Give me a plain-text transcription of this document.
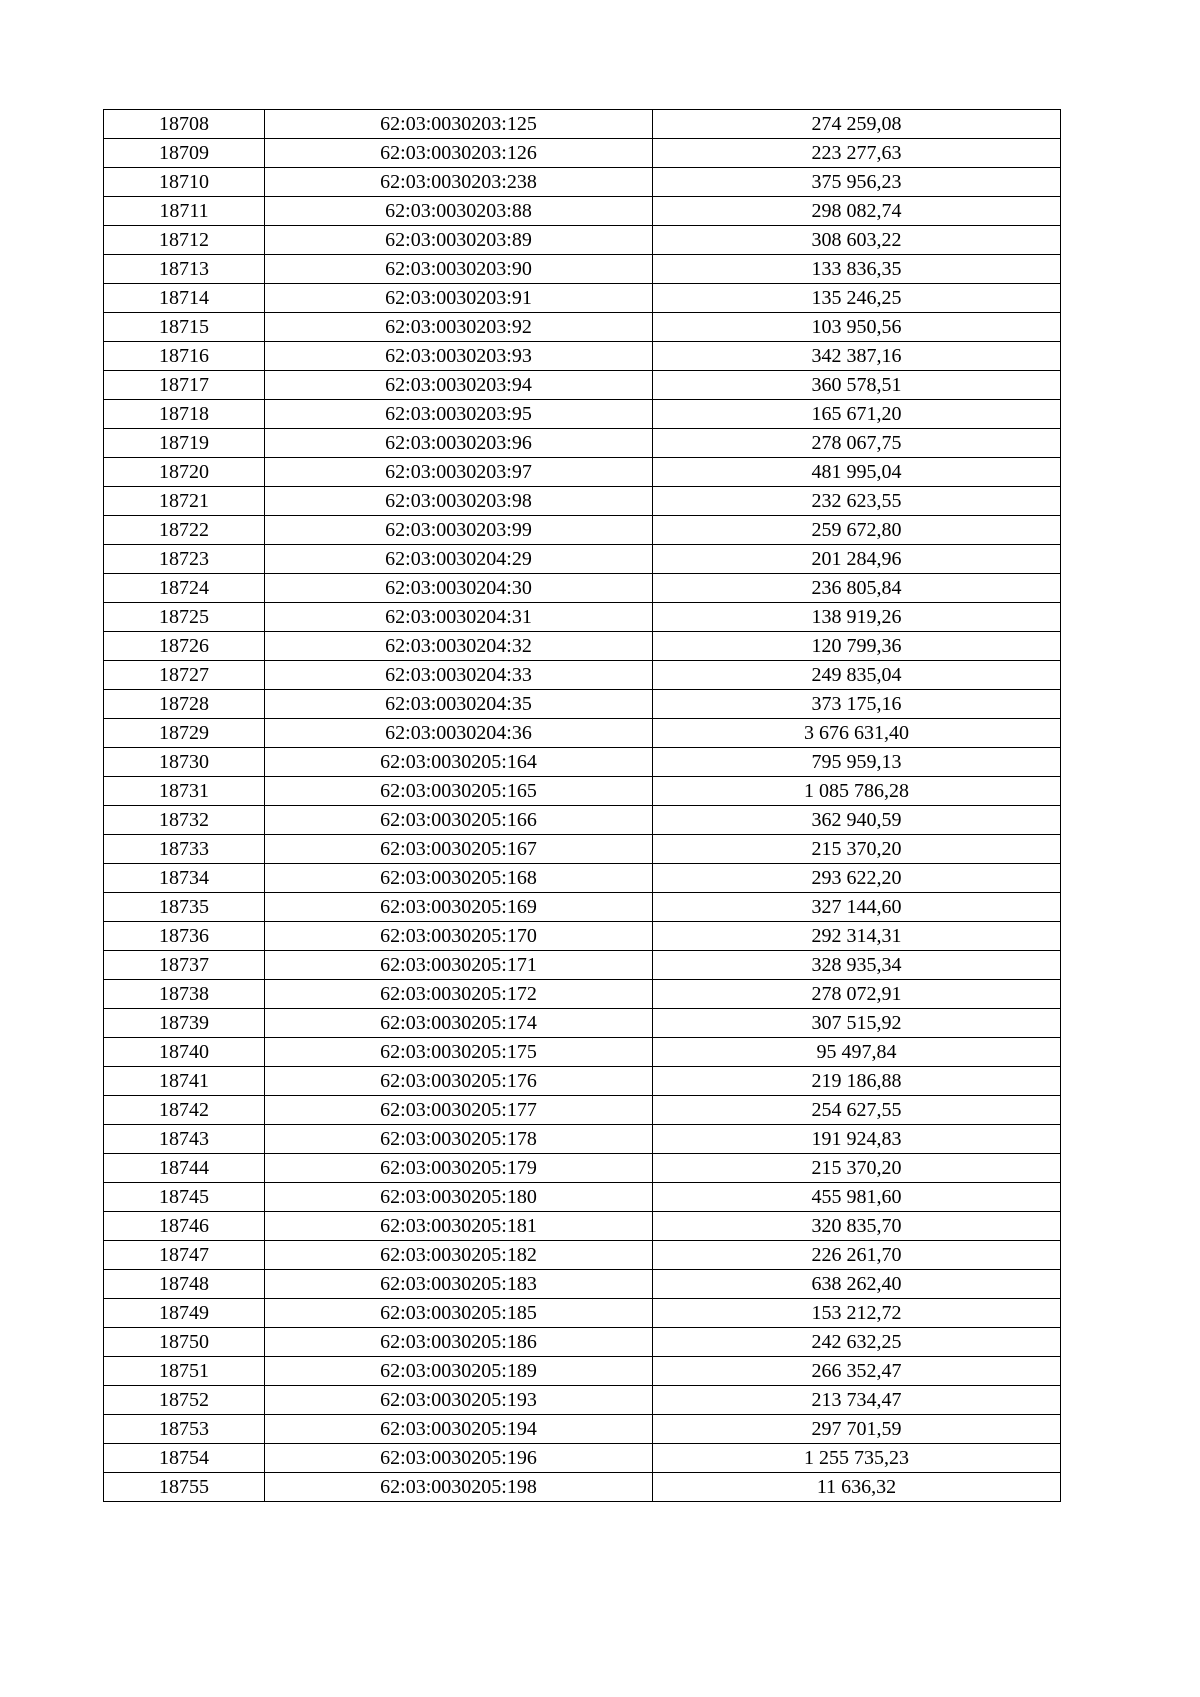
18708	62:03:0030203:125	274 259,08
18709	62:03:0030203:126	223 277,63
18710	62:03:0030203:238	375 956,23
18711	62:03:0030203:88	298 082,74
18712	62:03:0030203:89	308 603,22
18713	62:03:0030203:90	133 836,35
18714	62:03:0030203:91	135 246,25
18715	62:03:0030203:92	103 950,56
18716	62:03:0030203:93	342 387,16
18717	62:03:0030203:94	360 578,51
18718	62:03:0030203:95	165 671,20
18719	62:03:0030203:96	278 067,75
18720	62:03:0030203:97	481 995,04
18721	62:03:0030203:98	232 623,55
18722	62:03:0030203:99	259 672,80
18723	62:03:0030204:29	201 284,96
18724	62:03:0030204:30	236 805,84
18725	62:03:0030204:31	138 919,26
18726	62:03:0030204:32	120 799,36
18727	62:03:0030204:33	249 835,04
18728	62:03:0030204:35	373 175,16
18729	62:03:0030204:36	3 676 631,40
18730	62:03:0030205:164	795 959,13
18731	62:03:0030205:165	1 085 786,28
18732	62:03:0030205:166	362 940,59
18733	62:03:0030205:167	215 370,20
18734	62:03:0030205:168	293 622,20
18735	62:03:0030205:169	327 144,60
18736	62:03:0030205:170	292 314,31
18737	62:03:0030205:171	328 935,34
18738	62:03:0030205:172	278 072,91
18739	62:03:0030205:174	307 515,92
18740	62:03:0030205:175	95 497,84
18741	62:03:0030205:176	219 186,88
18742	62:03:0030205:177	254 627,55
18743	62:03:0030205:178	191 924,83
18744	62:03:0030205:179	215 370,20
18745	62:03:0030205:180	455 981,60
18746	62:03:0030205:181	320 835,70
18747	62:03:0030205:182	226 261,70
18748	62:03:0030205:183	638 262,40
18749	62:03:0030205:185	153 212,72
18750	62:03:0030205:186	242 632,25
18751	62:03:0030205:189	266 352,47
18752	62:03:0030205:193	213 734,47
18753	62:03:0030205:194	297 701,59
18754	62:03:0030205:196	1 255 735,23
18755	62:03:0030205:198	11 636,32
